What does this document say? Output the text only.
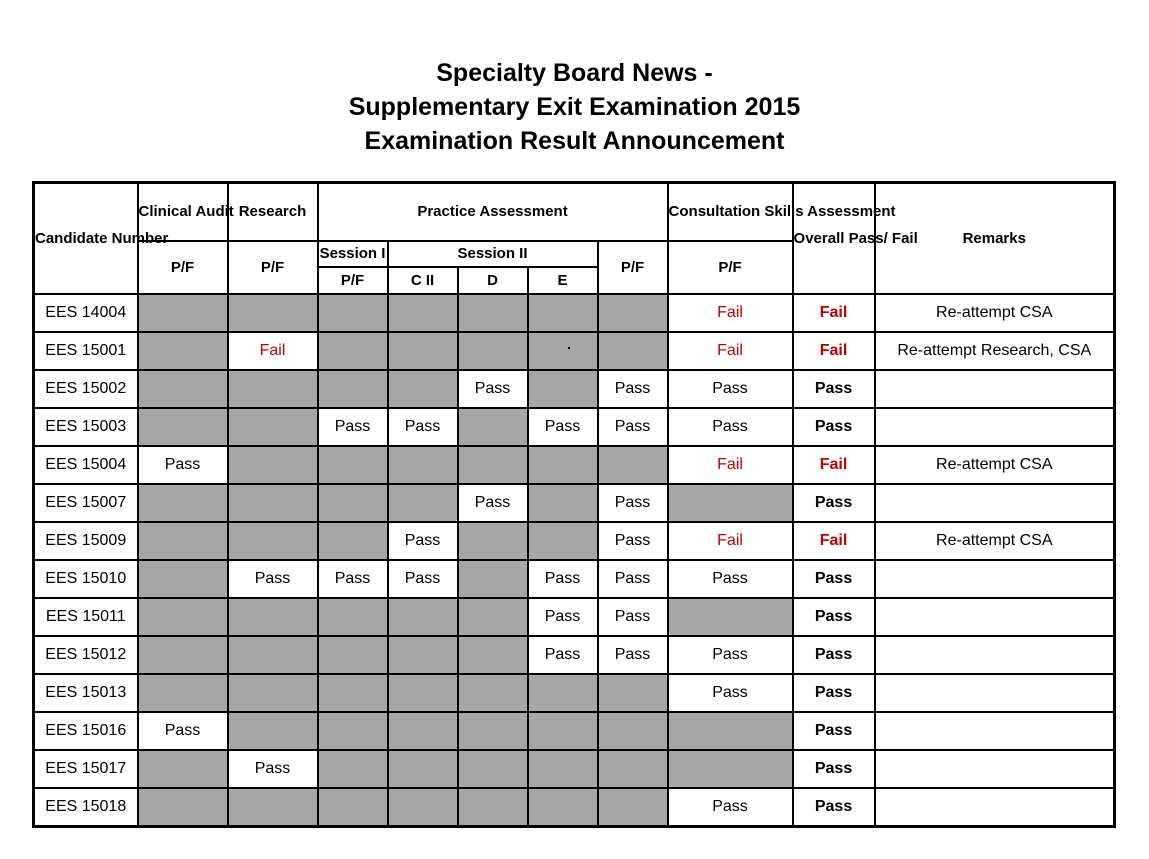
Specialty Board News -
Supplementary Exit Examination 2015
Examination Result Announcement
Candidate Number	Clinical Audit	Research	Practice Assessment					Consultation Skills Assessment	Overall Pass/ Fail	Remarks
	P/F	P/F	Session I	Session II			P/F	P/F		
			P/F	C II	D	E				
EES 14004								Fail	Fail	Re-attempt CSA
EES 15001		Fail						Fail	Fail	Re-attempt Research, CSA
EES 15002					Pass		Pass	Pass	Pass	
EES 15003			Pass	Pass		Pass	Pass	Pass	Pass	
EES 15004	Pass							Fail	Fail	Re-attempt CSA
EES 15007					Pass		Pass		Pass	
EES 15009				Pass			Pass	Fail	Fail	Re-attempt CSA
EES 15010		Pass	Pass	Pass		Pass	Pass	Pass	Pass	
EES 15011						Pass	Pass		Pass	
EES 15012						Pass	Pass	Pass	Pass	
EES 15013								Pass	Pass	
EES 15016	Pass								Pass	
EES 15017		Pass							Pass	
EES 15018								Pass	Pass	
